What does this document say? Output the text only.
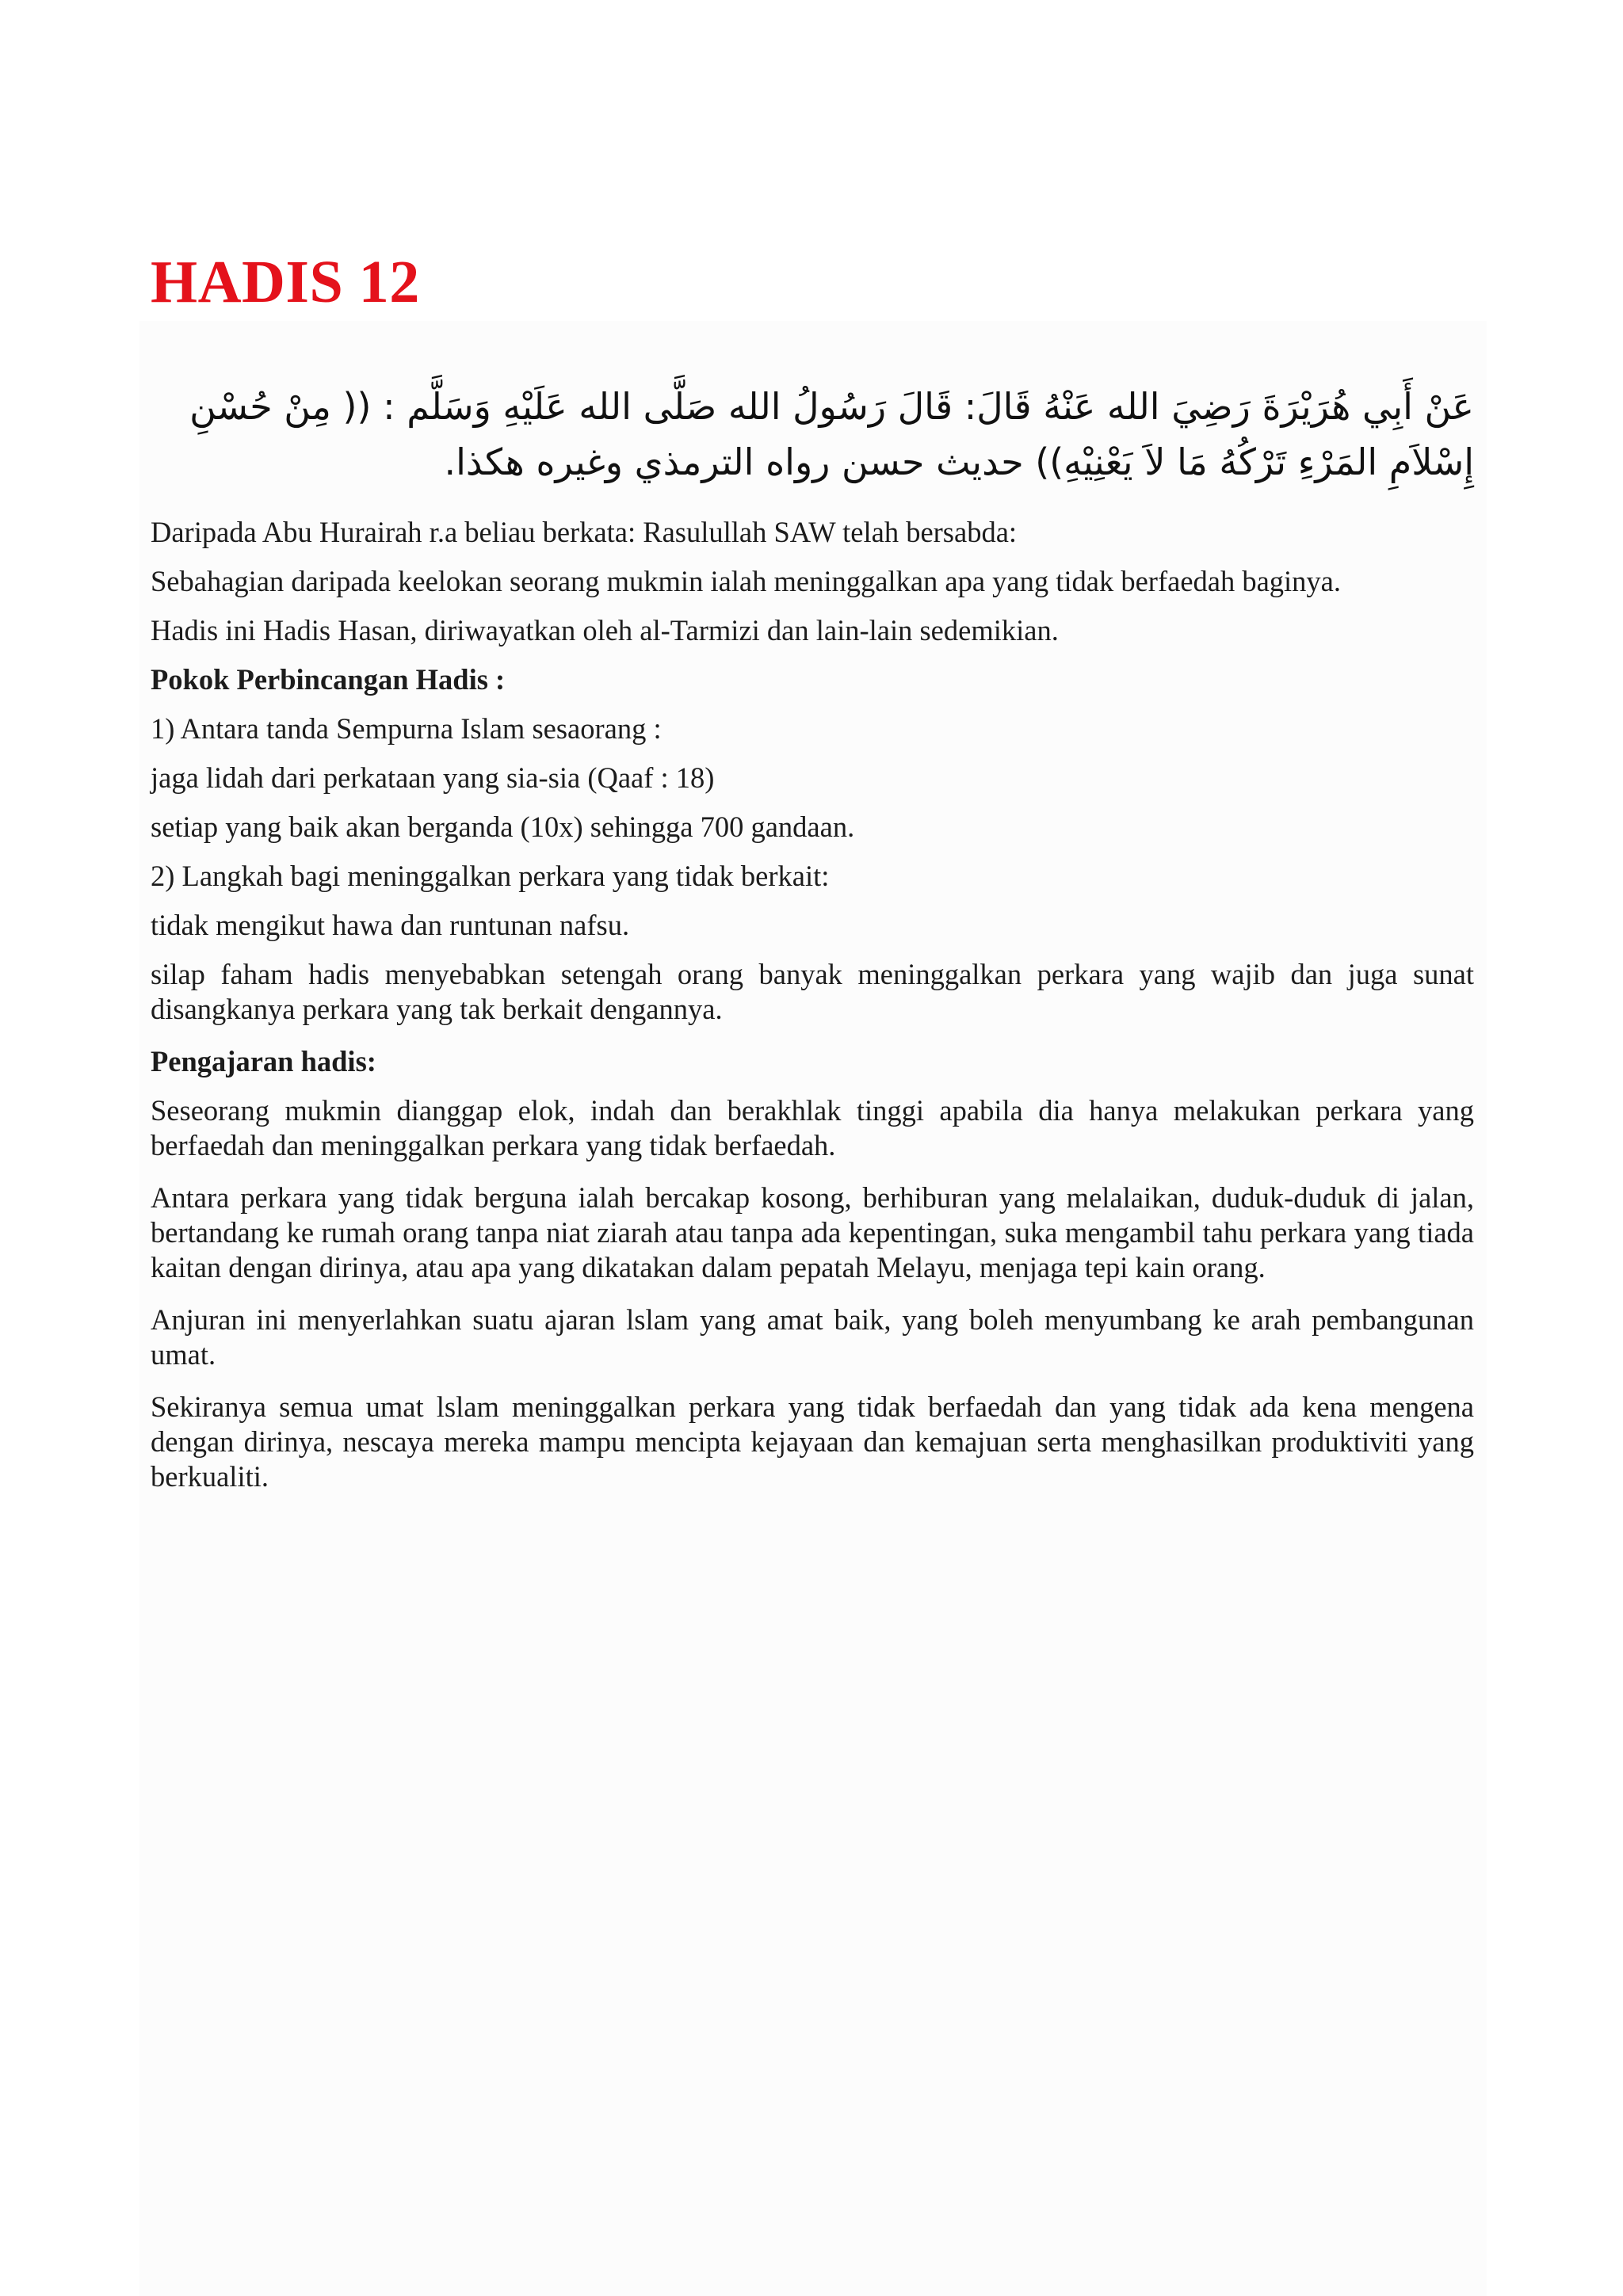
HADIS 12

عَنْ أَبِي هُرَيْرَةَ رَضِيَ الله عَنْهُ قَالَ: قَالَ رَسُولُ الله صَلَّى الله عَلَيْهِ وَسَلَّم : (( مِنْ حُسْنِ

إِسْلاَمِ المَرْءِ تَرْكُهُ مَا لاَ يَعْنِيْهِ)) حديث حسن رواه الترمذي وغيره هكذا.

Daripada Abu Hurairah r.a beliau berkata: Rasulullah SAW telah bersabda:

Sebahagian daripada keelokan seorang mukmin ialah meninggalkan apa yang tidak berfaedah baginya.

Hadis ini Hadis Hasan, diriwayatkan oleh al-Tarmizi dan lain-lain sedemikian.

Pokok Perbincangan Hadis :

1) Antara tanda Sempurna Islam sesaorang :

jaga lidah dari perkataan yang sia-sia (Qaaf : 18)

setiap yang baik akan berganda (10x) sehingga 700 gandaan.

2) Langkah bagi meninggalkan perkara yang tidak berkait:

tidak mengikut hawa dan runtunan nafsu.

silap faham hadis menyebabkan setengah orang banyak meninggalkan perkara yang wajib dan juga sunat disangkanya perkara yang tak berkait dengannya.

Pengajaran hadis:

Seseorang mukmin dianggap elok, indah dan berakhlak tinggi apabila dia hanya melakukan perkara yang berfaedah dan meninggalkan perkara yang tidak berfaedah.

Antara perkara yang tidak berguna ialah bercakap kosong, berhiburan yang melalaikan, duduk-duduk di jalan, bertandang ke rumah orang tanpa niat ziarah atau tanpa ada kepentingan, suka mengambil tahu perkara yang tiada kaitan dengan dirinya, atau apa yang dikatakan dalam pepatah Melayu, menjaga tepi kain orang.

Anjuran ini menyerlahkan suatu ajaran lslam yang amat baik, yang boleh menyumbang ke arah pembangunan umat.

Sekiranya semua umat lslam meninggalkan perkara yang tidak berfaedah dan yang tidak ada kena mengena dengan dirinya, nescaya mereka mampu mencipta kejayaan dan kemajuan serta menghasilkan produktiviti yang berkualiti.
